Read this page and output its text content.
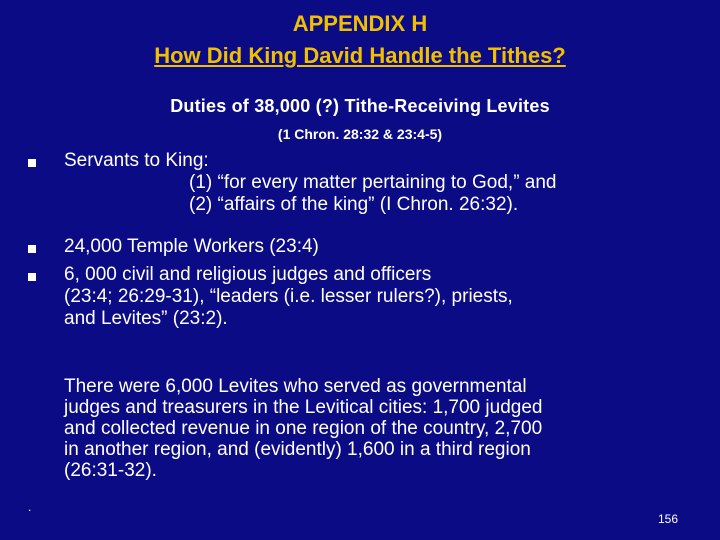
APPENDIX H
How Did King David Handle the Tithes?
Duties of 38,000 (?) Tithe-Receiving Levites
(1 Chron. 28:32 & 23:4-5)
Servants to King:
(1) “for every matter pertaining to God,” and
(2) “affairs of the king” (I Chron. 26:32).
24,000 Temple Workers (23:4)
6, 000 civil and religious judges and officers
(23:4; 26:29-31), “leaders (i.e. lesser rulers?), priests,
and Levites” (23:2).
There were 6,000 Levites who served as governmental
judges and treasurers in the Levitical cities: 1,700 judged
and collected revenue in one region of the country, 2,700
in another region, and (evidently) 1,600 in a third region
(26:31-32).
.
156
